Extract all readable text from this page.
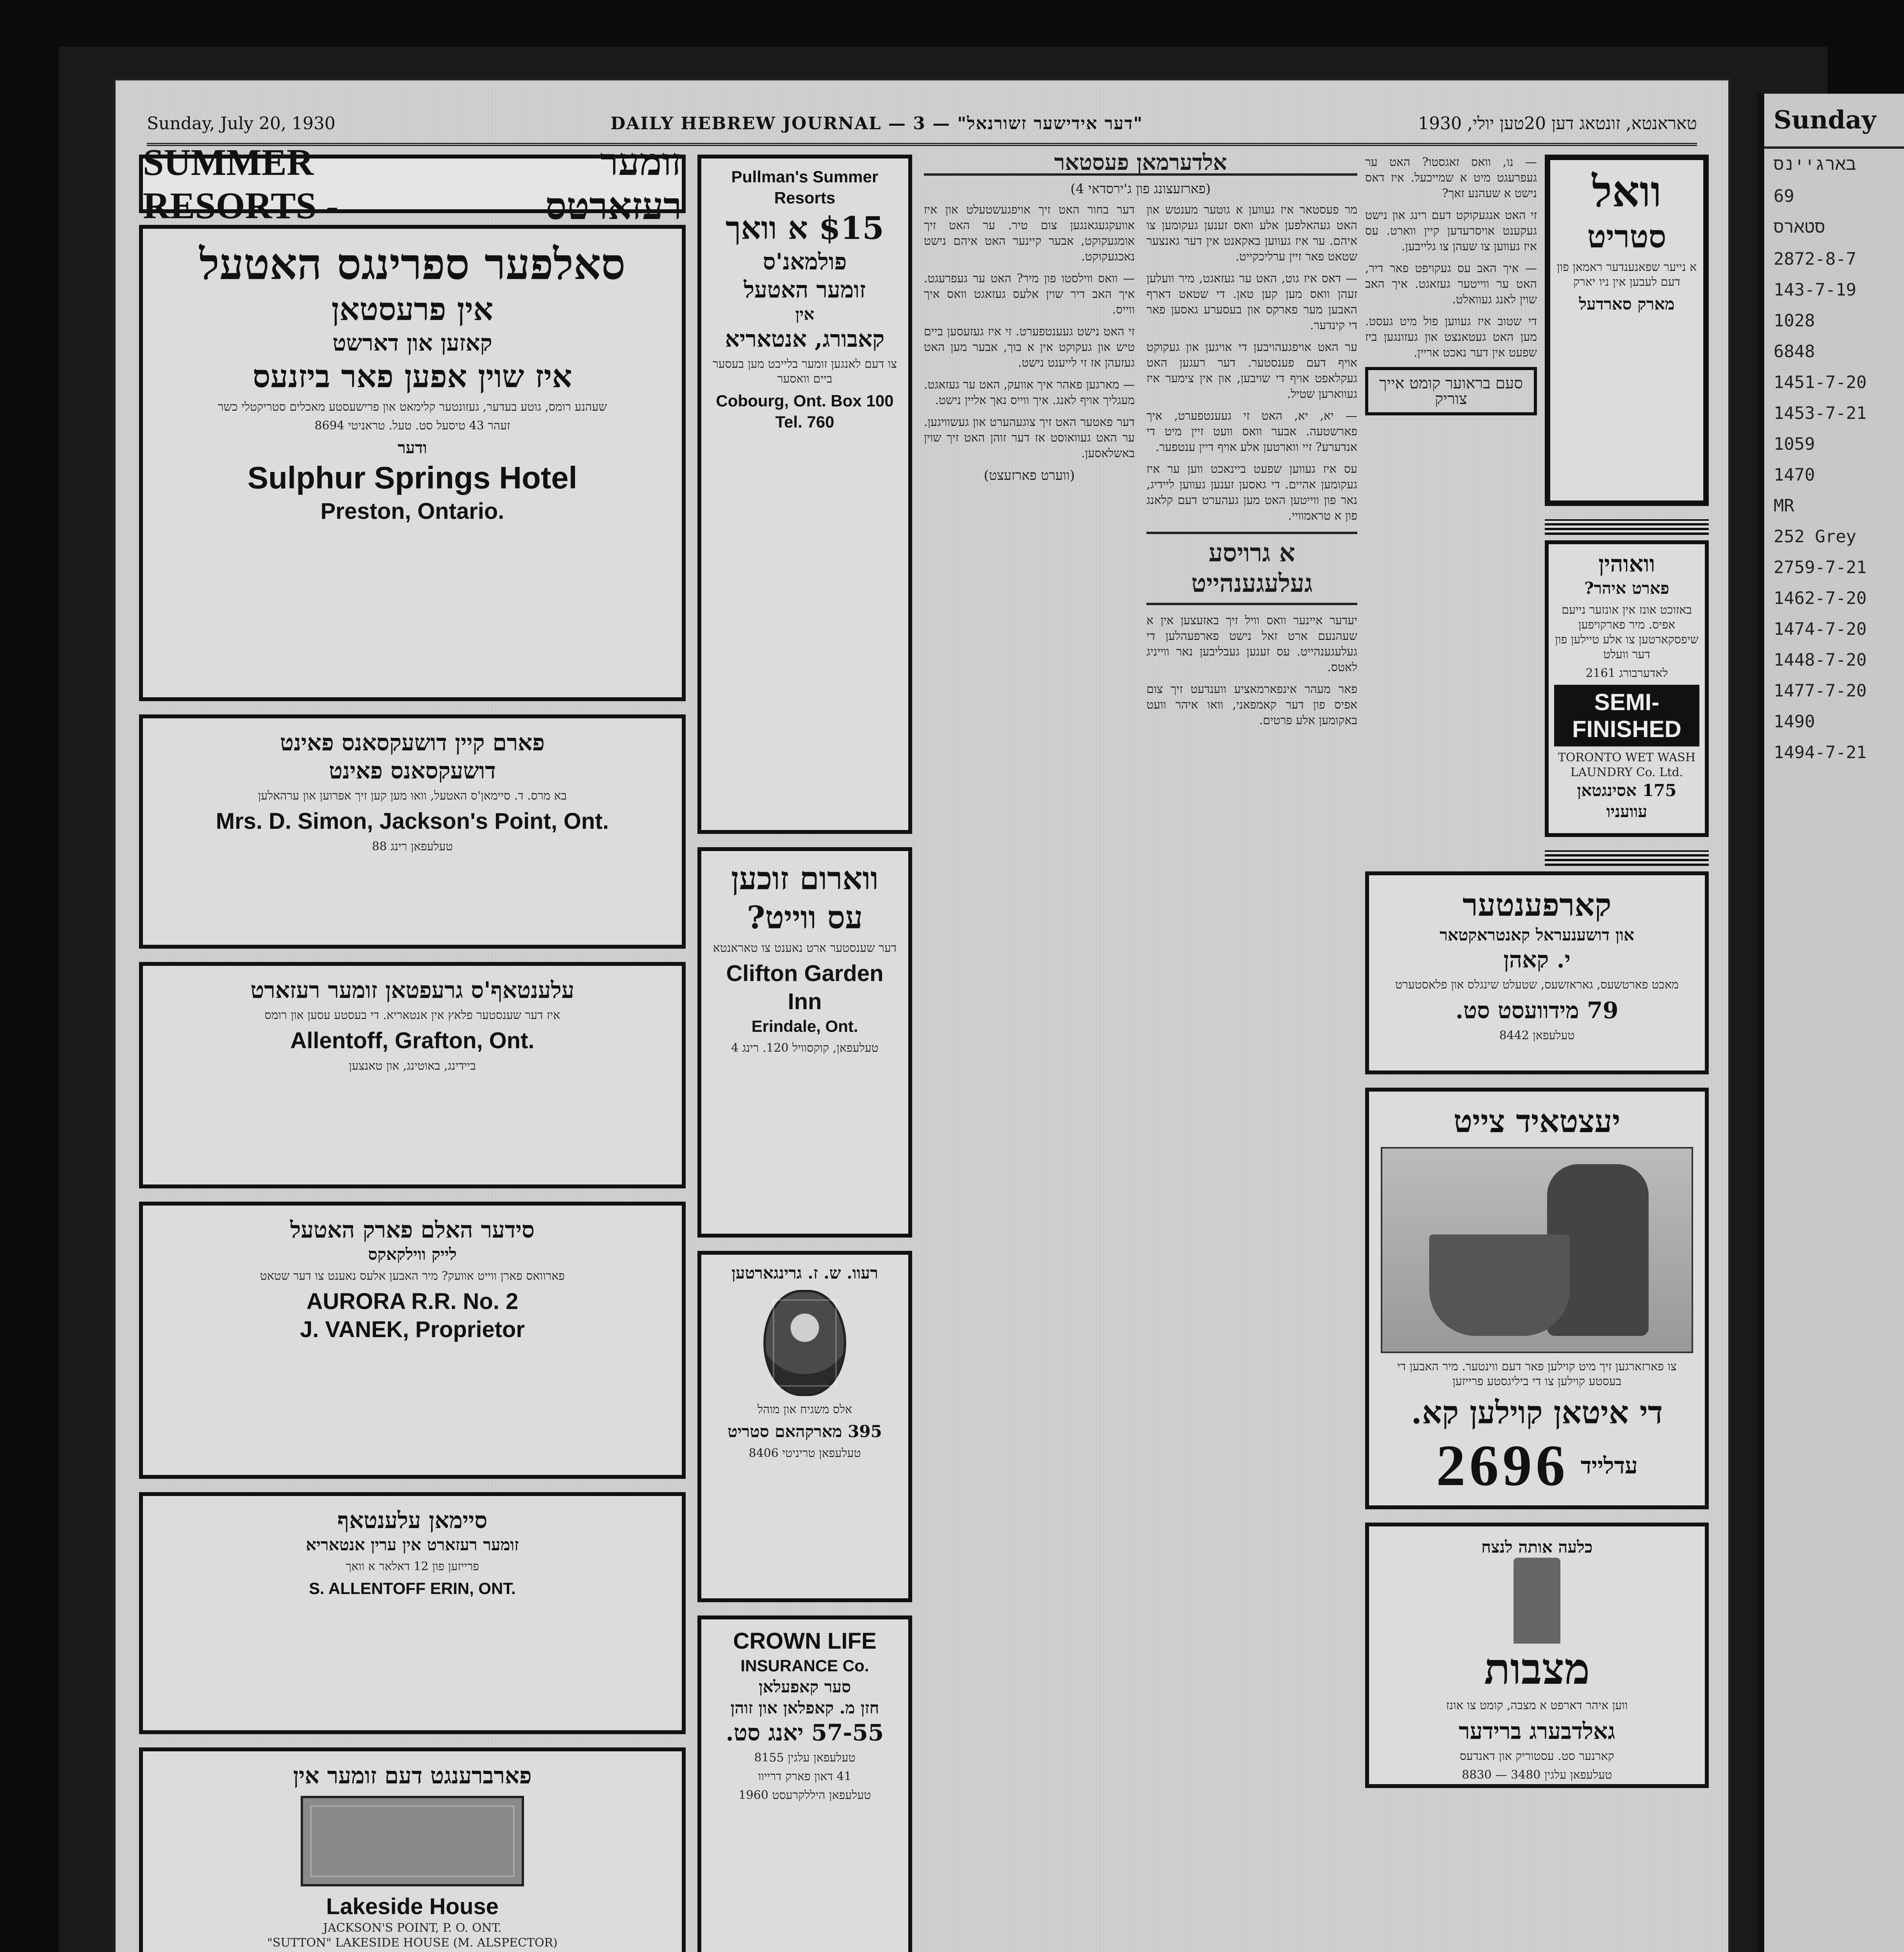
Sunday, July 20, 1930	DAILY HEBREW JOURNAL — 3 — "דער אידישער זשורנאל"	טאראנטא, זונטאג דען 20טען יולי, 1930
SUMMER RESORTS -
זומער רעזארטס
סאלפער ספרינגס האטעל
אין פרעסטאן
קאזען און דארשט
איז שוין אפען פאר ביזנעס
שעהנע רומס, גוטע בעדער, געזונטער קלימאט און פרישעסטע מאכלים סטריקטלי כשר
זעהר 43 טיסעל סט. טעל. טראניטי 8694
ודער
Sulphur Springs Hotel
Preston, Ontario.
פארם קיין דושעקסאנס פאינט
דושעקסאנס פאינט
בא מרס. ד. סיימאן'ס האטעל, וואו מען קען זיך אפרוען און ערהאלען
Mrs. D. Simon, Jackson's Point, Ont.
טעלעפאן רינג 88
עלענטאף'ס גרעפטאן זומער רעזארט
איז דער שענסטער פלאץ אין אנטאריא. די בעסטע עסען און רומס
Allentoff, Grafton, Ont.
ביידינג, באוטינג, און טאנצען
סידער האלם פארק האטעל
לייק ווילקאקס
פארוואס פארן ווייט אוועק? מיר האבען אלעס נאענט צו דער שטאט
AURORA R.R. No. 2
J. VANEK, Proprietor
סיימאן עלענטאף
זומער רעזארט אין ערין אנטאריא
פרייזען פון 12 דאלאר א וואך
S. ALLENTOFF ERIN, ONT.
פארברענגט דעם זומער אין
Lakeside House
JACKSON'S POINT, P. O. ONT.
"SUTTON" LAKESIDE HOUSE (M. ALSPECTOR)
Pullman's Summer Resorts
$15 א וואך
פולמאנ'ס
זומער האטעל
אין
קאבורג, אנטאריא
צו דעם לאנגען זומער בלייבט מען בעסער ביים וואסער
Cobourg, Ont. Box 100 Tel. 760
ווארום זוכען
עס ווייט?
דער שענסטער ארט נאענט צו טאראנטא
Clifton Garden Inn
Erindale, Ont.
טעלעפאן, קוקסוויל 120. רינג 4
רעוו. ש. ז. גרינגארטען
אלס משגיח און מוהל
395 מארקהאם סטריט
טעלעפאן טריניטי 8406
CROWN LIFE
INSURANCE Co.
סער קאפעלאן
חזן מ. קאפלאן און זוהן
57-55 יאנג סט.
טעלעפאן עלגין 8155
41 דאון פארק דרייוו
טעלעפאן היללקרעסט 1960
אלדערמאן פעסטאר
(פארזעצונג פון ג'ירסדאי 4)

מר פעסטאר איז געווען א גוטער מענטש און האט געהאלפען אלע וואס זענען געקומען צו איהם. ער איז געווען באקאנט אין דער גאנצער שטאט פאר זיין ערליכקייט.

— דאס איז גוט, האט ער געזאגט, מיר וועלען זעהן וואס מען קען טאן. די שטאט דארף האבען מער פארקס און בעסערע גאסען פאר די קינדער.

ער האט אויפגעהויבען די אויגען און געקוקט אויף דעם פענסטער. דער רעגען האט געקלאפט אויף די שויבען, און אין צימער איז געווארען שטיל.

— יא, יא, האט זי געענטפערט, איך פארשטעה. אבער וואס וועט זיין מיט די אנדערע? זיי ווארטען אלע אויף דיין ענטפער.

עס איז געווען שפעט ביינאכט ווען ער איז געקומען אהיים. די גאסען זענען געווען ליידיג, נאר פון ווייטען האט מען געהערט דעם קלאנג פון א טראמוויי.

א גרויסע געלעגענהייט

יעדער איינער וואס וויל זיך באזעצען אין א שעהנעם ארט זאל נישט פארפעהלען די געלעגענהייט. עס זענען געבליבען נאר ווייניג לאטס.

פאר מעהר אינפארמאציע ווענדעט זיך צום אפיס פון דער קאמפאני, וואו איהר וועט באקומען אלע פרטים.

דער בחור האט זיך אויפגעשטעלט און איז אוועקגעגאנגען צום טיר. ער האט זיך אומגעקוקט, אבער קיינער האט איהם נישט נאכגעקוקט.

— וואס ווילסטו פון מיר? האט ער געפרעגט. איך האב דיר שוין אלעס געזאגט וואס איך ווייס.

זי האט נישט געענטפערט. זי איז געזעסען ביים טיש און געקוקט אין א בוך, אבער מען האט געזעהן אז זי לייענט נישט.

— מארגען פאהר איך אוועק, האט ער געזאגט. מעגליך אויף לאנג. איך ווייס נאך אליין נישט.

דער פאטער האט זיך צוגעהערט און געשוויגען. ער האט געוואוסט אז דער זוהן האט זיך שוין באשלאסען.

(ווערט פארזעצט)

— נו, וואס זאגסטו? האט ער געפרעגט מיט א שמייכעל. איז דאס נישט א שעהנע זאך?

זי האט אנגעקוקט דעם רינג און נישט געקענט אויסרעדען קיין ווארט. עס איז געווען צו שעהן צו גלייבען.

— איך האב עס געקויפט פאר דיר, האט ער ווייטער געזאגט. איך האב שוין לאנג געוואלט.

די שטוב איז געווען פול מיט געסט. מען האט געטאנצט און געזונגען ביז שפעט אין דער נאכט אריין.

סעם בראוער קומט אייך צוריק
וואל
סטריט
א נייער שפאנענדער ראמאן פון דעם לעבען אין ניו יארק
מארק סארדעל
וואוהין
פארט איהר?
באזוכט אונז אין אונזער נייעם אפיס. מיר פארקויפען שיפסקארטען צו אלע טיילען פון דער וועלט
לאדערבורג 2161
SEMI-FINISHED
TORONTO WET WASH LAUNDRY Co. Ltd.
175 אסינגטאן עוועניו
קארפענטער
און דושענעראל קאנטראקטאר
י. קאהן
מאכט פארטשעס, גאראזשעס, שטעלט שינגלס און פלאסטערט
79 מידוועסט סט.
טעלעפאן 8442
יעצטאיד צייט
צו פארזארגען זיך מיט קוילען פאר דעם ווינטער. מיר האבען די בעסטע קוילען צו די ביליגסטע פרייזען
די איטאן קוילען קא.
2696 עדלייד
כלעה אותה לנצח
מצבות
ווען איהר דארפט א מצבה, קומט צו אונז
גאלדבערג ברידער
קארנער סט. עסטוריק און דאנדעס
טעלעפאן עלגין 3480 — 8830
Sunday
בארגיינס
69
סטארס
2872-8-7
143-7-19
1028
6848
1451-7-20
1453-7-21
1059
1470
MR
252 Grey
2759-7-21
1462-7-20
1474-7-20
1448-7-20
1477-7-20
1490
1494-7-21
